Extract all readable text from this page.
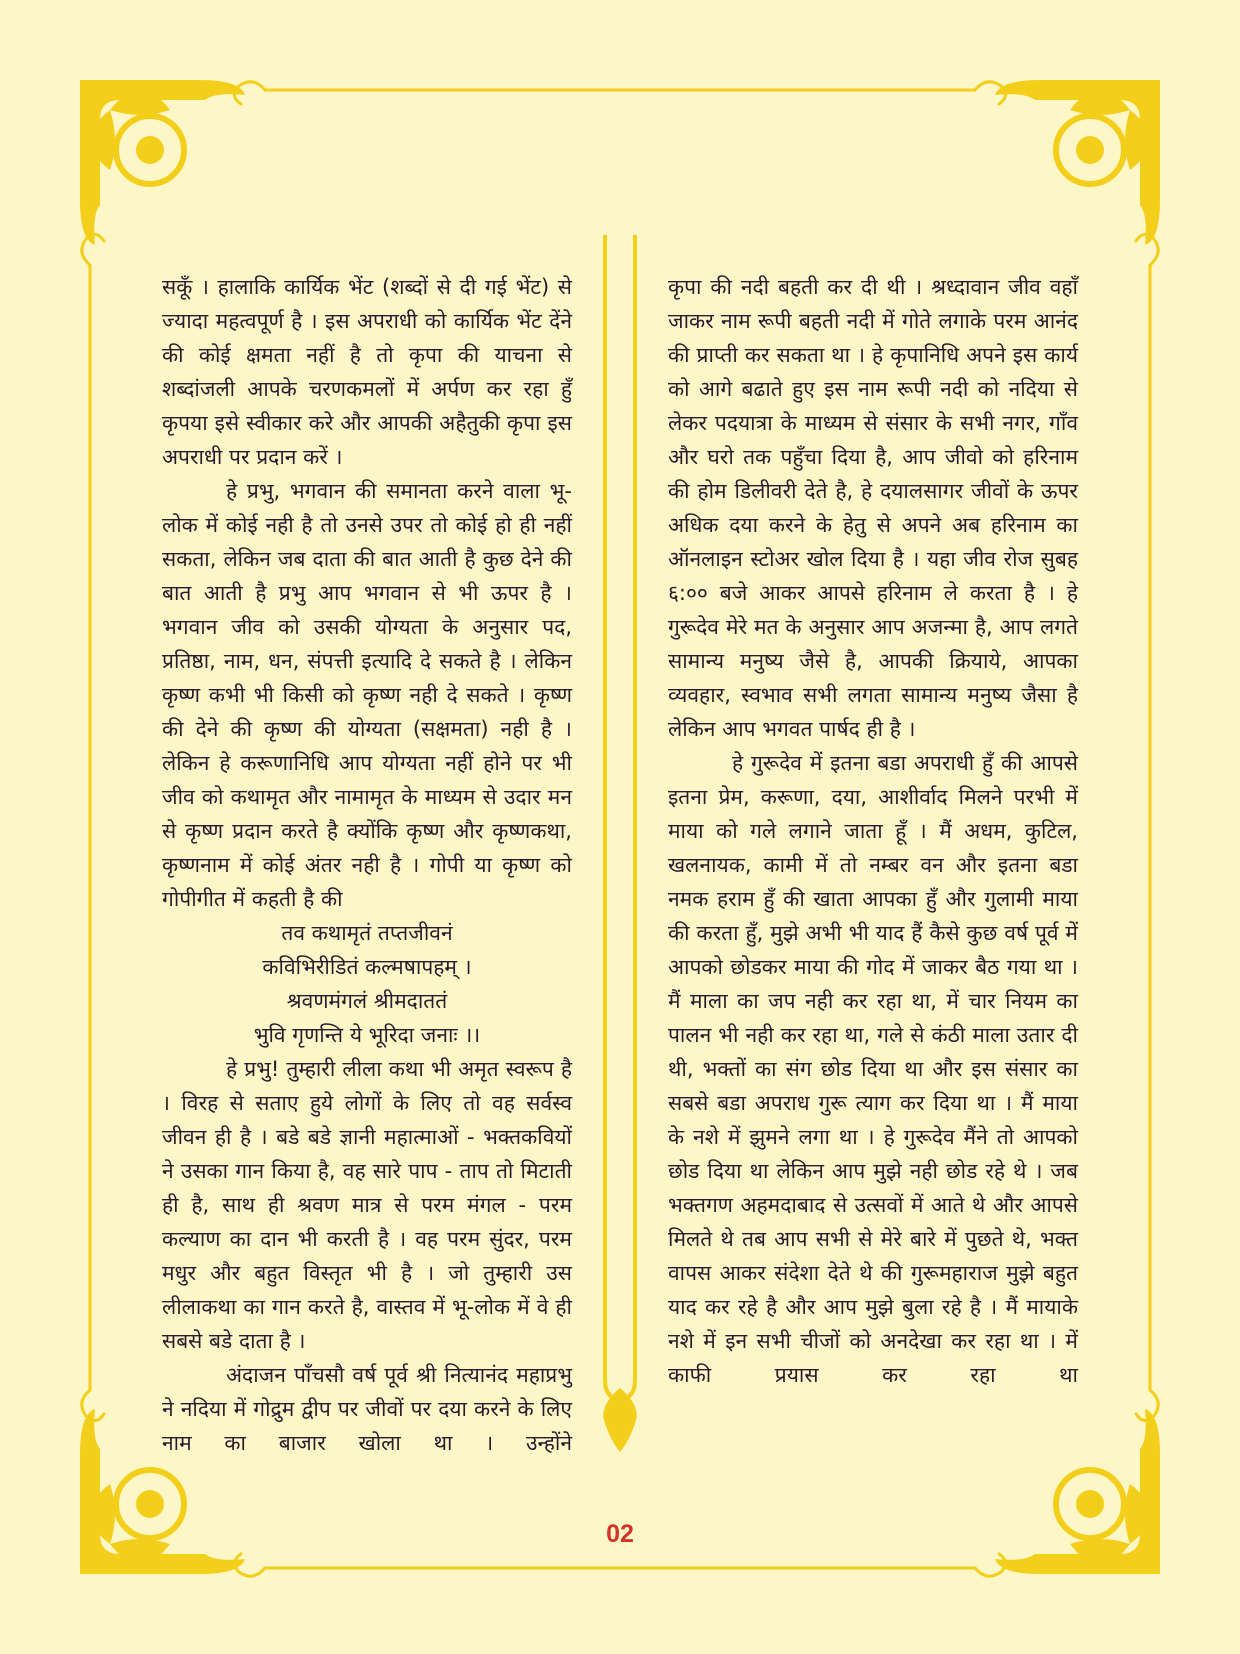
सकूँ । हालाकि कार्यिक भेंट (शब्दों से दी गई भेंट) से ज्यादा महत्वपूर्ण है । इस अपराधी को कार्यिक भेंट देंने की कोई क्षमता नहीं है तो कृपा की याचना से शब्दांजली आपके चरणकमलों में अर्पण कर रहा हुँ कृपया इसे स्वीकार करे और आपकी अहैतुकी कृपा इस अपराधी पर प्रदान करें ।

हे प्रभु, भगवान की समानता करने वाला भू-लोक में कोई नही है तो उनसे उपर तो कोई हो ही नहीं सकता, लेकिन जब दाता की बात आती है कुछ देने की बात आती है प्रभु आप भगवान से भी ऊपर है । भगवान जीव को उसकी योग्यता के अनुसार पद, प्रतिष्ठा, नाम, धन, संपत्ती इत्यादि दे सकते है । लेकिन कृष्ण कभी भी किसी को कृष्ण नही दे सकते । कृष्ण की देने की कृष्ण की योग्यता (सक्षमता) नही है । लेकिन हे करूणानिधि आप योग्यता नहीं होने पर भी जीव को कथामृत और नामामृत के माध्यम से उदार मन से कृष्ण प्रदान करते है क्योंकि कृष्ण और कृष्णकथा, कृष्णनाम में कोई अंतर नही है । गोपी या कृष्ण को गोपीगीत में कहती है की

तव कथामृतं तप्तजीवनं

कविभिरीडितं कल्मषापहम् ।

श्रवणमंगलं श्रीमदाततं

भुवि गृणन्ति ये भूरिदा जनाः ।।

हे प्रभु! तुम्हारी लीला कथा भी अमृत स्वरूप है । विरह से सताए हुये लोगों के लिए तो वह सर्वस्व जीवन ही है । बडे बडे ज्ञानी महात्माओं - भक्तकवियों ने उसका गान किया है, वह सारे पाप - ताप तो मिटाती ही है, साथ ही श्रवण मात्र से परम मंगल - परम कल्याण का दान भी करती है । वह परम सुंदर, परम मधुर और बहुत विस्तृत भी है । जो तुम्हारी उस लीलाकथा का गान करते है, वास्तव में भू-लोक में वे ही सबसे बडे दाता है ।

अंदाजन पाँचसौ वर्ष पूर्व श्री नित्यानंद महाप्रभु ने नदिया में गोद्रुम द्वीप पर जीवों पर दया करने के लिए नाम का बाजार खोला था । उन्होंने

कृपा की नदी बहती कर दी थी । श्रध्दावान जीव वहाँ जाकर नाम रूपी बहती नदी में गोते लगाके परम आनंद की प्राप्ती कर सकता था । हे कृपानिधि अपने इस कार्य को आगे बढाते हुए इस नाम रूपी नदी को नदिया से लेकर पदयात्रा के माध्यम से संसार के सभी नगर, गाँव और घरो तक पहुँचा दिया है, आप जीवो को हरिनाम की होम डिलीवरी देते है, हे दयालसागर जीवों के ऊपर अधिक दया करने के हेतु से अपने अब हरिनाम का ऑनलाइन स्टोअर खोल दिया है । यहा जीव रोज सुबह ६:०० बजे आकर आपसे हरिनाम ले करता है । हे गुरूदेव मेरे मत के अनुसार आप अजन्मा है, आप लगते सामान्य मनुष्य जैसे है, आपकी क्रियाये, आपका व्यवहार, स्वभाव सभी लगता सामान्य मनुष्य जैसा है लेकिन आप भगवत पार्षद ही है ।

हे गुरूदेव में इतना बडा अपराधी हुँ की आपसे इतना प्रेम, करूणा, दया, आशीर्वाद मिलने परभी में माया को गले लगाने जाता हूँ । मैं अधम, कुटिल, खलनायक, कामी में तो नम्बर वन और इतना बडा नमक हराम हुँ की खाता आपका हुँ और गुलामी माया की करता हुँ, मुझे अभी भी याद हैं कैसे कुछ वर्ष पूर्व में आपको छोडकर माया की गोद में जाकर बैठ गया था । मैं माला का जप नही कर रहा था, में चार नियम का पालन भी नही कर रहा था, गले से कंठी माला उतार दी थी, भक्तों का संग छोड दिया था और इस संसार का सबसे बडा अपराध गुरू त्याग कर दिया था । मैं माया के नशे में झुमने लगा था । हे गुरूदेव मैंने तो आपको छोड दिया था लेकिन आप मुझे नही छोड रहे थे । जब भक्तगण अहमदाबाद से उत्सवों में आते थे और आपसे मिलते थे तब आप सभी से मेरे बारे में पुछते थे, भक्त वापस आकर संदेशा देते थे की गुरूमहाराज मुझे बहुत याद कर रहे है और आप मुझे बुला रहे है । मैं मायाके नशे में इन सभी चीजों को अनदेखा कर रहा था । में काफी प्रयास कर रहा था

02
